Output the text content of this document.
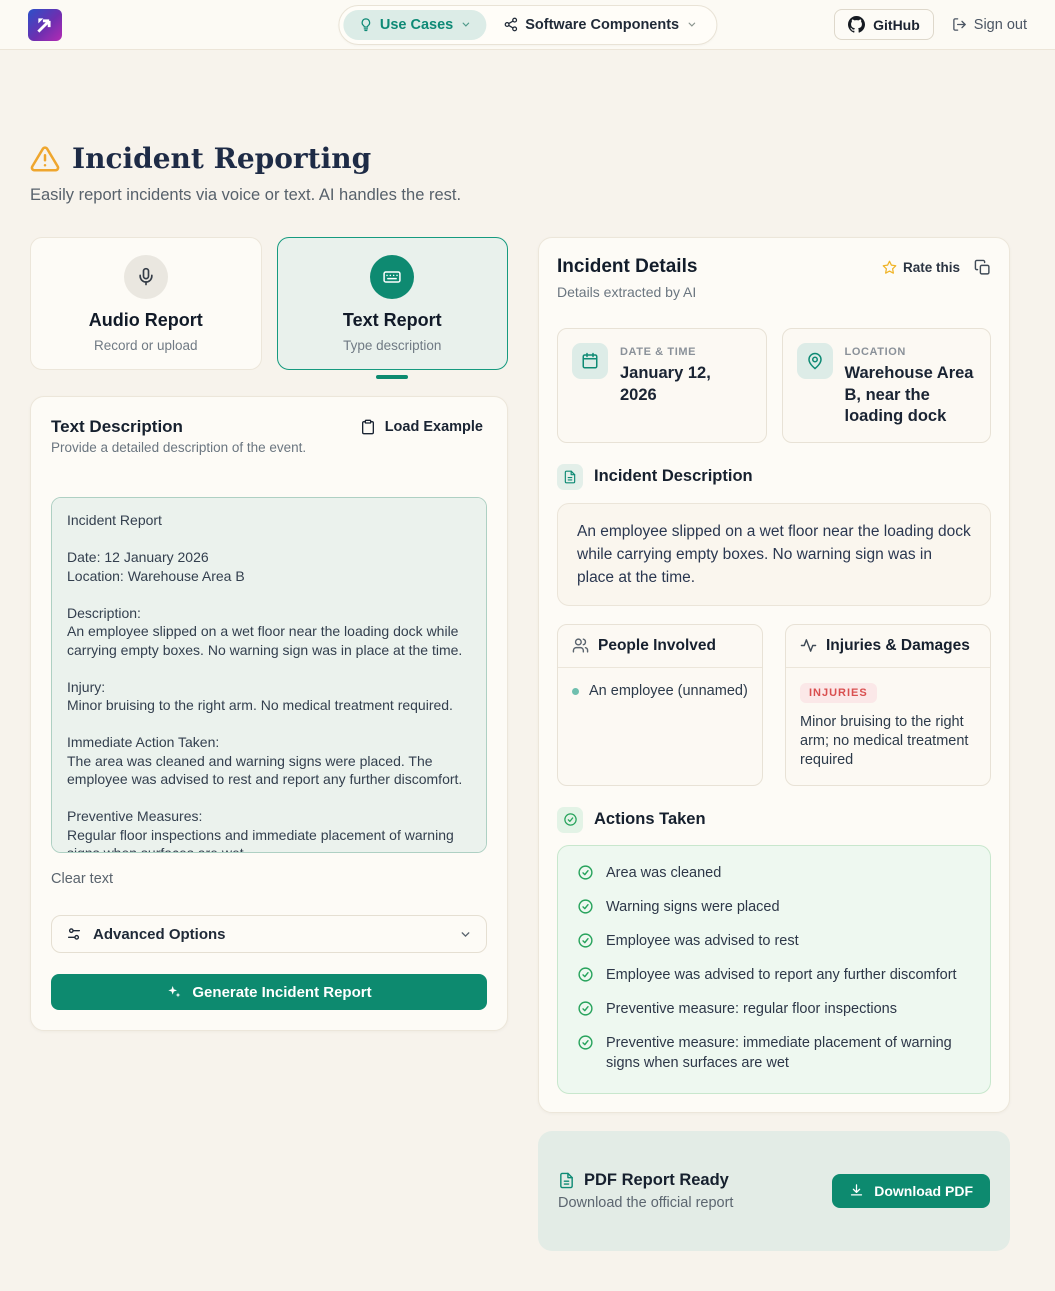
Use Cases	Software Components	GitHub	Sign out
Incident Reporting
Easily report incidents via voice or text. AI handles the rest.
Audio Report
Record or upload
Text Report
Type description
Text Description
Provide a detailed description of the event.
Load Example
Incident Report Date: 12 January 2026 Location: Warehouse Area B Description: An employee slipped on a wet floor near the loading dock while carrying empty boxes. No warning sign was in place at the time. Injury: Minor bruising to the right arm. No medical treatment required. Immediate Action Taken: The area was cleaned and warning signs were placed. The employee was advised to rest and report any further discomfort. Preventive Measures: Regular floor inspections and immediate placement of warning signs when surfaces are wet. Clear text
Advanced Options
Generate Incident Report
Incident Details
Details extracted by AI
Rate this
DATE & TIME
January 12, 2026
LOCATION
Warehouse Area B, near the loading dock
Incident Description
An employee slipped on a wet floor near the loading dock while carrying empty boxes. No warning sign was in place at the time.
People Involved
An employee (unnamed)
Injuries & Damages
INJURIES
Minor bruising to the right arm; no medical treatment required
Actions Taken
Area was cleaned
Warning signs were placed
Employee was advised to rest
Employee was advised to report any further discomfort
Preventive measure: regular floor inspections
Preventive measure: immediate placement of warning signs when surfaces are wet
PDF Report Ready
Download the official report
Download PDF
